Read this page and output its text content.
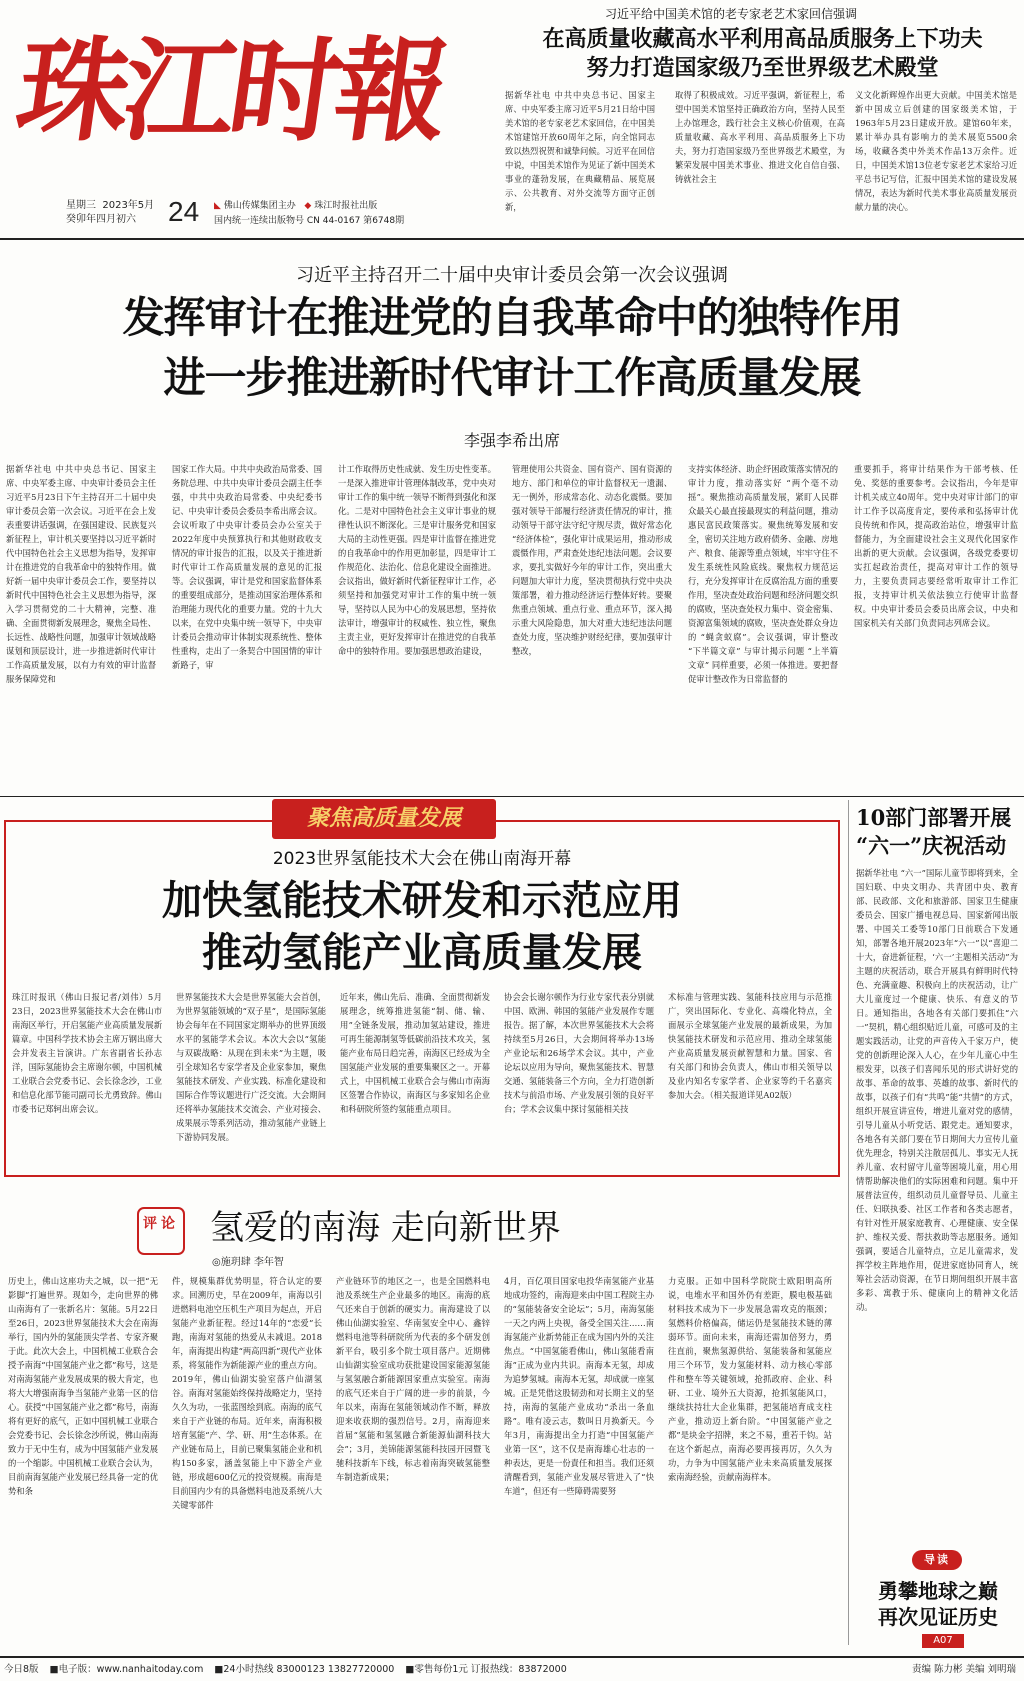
珠江时報
星期三 2023年5月
癸卯年四月初六 24 ◣ 佛山传媒集团主办 ◆ 珠江时报社出版
国内统一连续出版物号 CN 44-0167 第6748期
习近平给中国美术馆的老专家老艺术家回信强调
在高质量收藏高水平利用高品质服务上下功夫
努力打造国家级乃至世界级艺术殿堂
据新华社电 中共中央总书记、国家主席、中央军委主席习近平5月21日给中国美术馆的老专家老艺术家回信，在中国美术馆建馆开放60周年之际，向全馆同志致以热烈祝贺和诚挚问候。习近平在回信中说，中国美术馆作为见证了新中国美术事业的蓬勃发展，在典藏精品、展览展示、公共教育、对外交流等方面守正创新，
取得了积极成效。习近平强调，新征程上，希望中国美术馆坚持正确政治方向，坚持人民至上办馆理念，践行社会主义核心价值观，在高质量收藏、高水平利用、高品质服务上下功夫，努力打造国家级乃至世界级艺术殿堂，为繁荣发展中国美术事业、推进文化自信自强、铸就社会主
义文化新辉煌作出更大贡献。中国美术馆是新中国成立后创建的国家级美术馆，于1963年5月23日建成开放。建馆60年来，累计举办具有影响力的美术展览5500余场，收藏各类中外美术作品13万余件。近日，中国美术馆13位老专家老艺术家给习近平总书记写信，汇报中国美术馆的建设发展情况，表达为新时代美术事业高质量发展贡献力量的决心。
习近平主持召开二十届中央审计委员会第一次会议强调
发挥审计在推进党的自我革命中的独特作用
进一步推进新时代审计工作高质量发展
李强李希出席
据新华社电 中共中央总书记、国家主席、中央军委主席、中央审计委员会主任习近平5月23日下午主持召开二十届中央审计委员会第一次会议。习近平在会上发表重要讲话强调，在强国建设、民族复兴新征程上，审计机关要坚持以习近平新时代中国特色社会主义思想为指导，发挥审计在推进党的自我革命中的独特作用。做好新一届中央审计委员会工作，要坚持以新时代中国特色社会主义思想为指导，深入学习贯彻党的二十大精神，完整、准确、全面贯彻新发展理念，聚焦全局性、长远性、战略性问题，加强审计领域战略谋划和顶层设计，进一步推进新时代审计工作高质量发展，以有力有效的审计监督服务保障党和
国家工作大局。中共中央政治局常委、国务院总理、中共中央审计委员会副主任李强，中共中央政治局常委、中央纪委书记、中央审计委员会委员李希出席会议。会议听取了中央审计委员会办公室关于2022年度中央预算执行和其他财政收支情况的审计报告的汇报，以及关于推进新时代审计工作高质量发展的意见的汇报等。会议强调，审计是党和国家监督体系的重要组成部分，是推动国家治理体系和治理能力现代化的重要力量。党的十九大以来，在党中央集中统一领导下，中央审计委员会推动审计体制实现系统性、整体性重构，走出了一条契合中国国情的审计新路子，审
计工作取得历史性成就、发生历史性变革。一是深入推进审计管理体制改革，党中央对审计工作的集中统一领导不断得到强化和深化。二是对中国特色社会主义审计事业的规律性认识不断深化。三是审计服务党和国家大局的主动性更强。四是审计监督在推进党的自我革命中的作用更加彰显，四是审计工作规范化、法治化、信息化建设全面推进。会议指出，做好新时代新征程审计工作，必须坚持和加强党对审计工作的集中统一领导，坚持以人民为中心的发展思想，坚持依法审计，增强审计的权威性、独立性，聚焦主责主业，更好发挥审计在推进党的自我革命中的独特作用。要加强思想政治建设，
管理使用公共资金、国有资产、国有资源的地方、部门和单位的审计监督权无一遗漏、无一例外，形成常态化、动态化震慑。要加强对领导干部履行经济责任情况的审计，推动领导干部守法守纪守规尽责，做好常态化 “经济体检”，强化审计成果运用，推动形成震慑作用，严肃查处违纪违法问题。会议要求，要扎实做好今年的审计工作，突出重大问题加大审计力度，坚决贯彻执行党中央决策部署，着力推动经济运行整体好转。要聚焦重点领域、重点行业、重点环节，深入揭示重大风险隐患，加大对重大违纪违法问题查处力度，坚决维护财经纪律，要加强审计整改，
支持实体经济、助企纾困政策落实情况的审计力度，推动落实好 “两个毫不动摇”。聚焦推动高质量发展，紧盯人民群众最关心最直接最现实的利益问题，推动惠民富民政策落实。聚焦统筹发展和安全，密切关注地方政府债务、金融、房地产、粮食、能源等重点领域，牢牢守住不发生系统性风险底线。聚焦权力规范运行，充分发挥审计在反腐治乱方面的重要作用，坚决查处政治问题和经济问题交织的腐败，坚决查处权力集中、资金密集、资源富集领域的腐败，坚决查处群众身边的 “蝇贪蚁腐”。会议强调，审计整改 “下半篇文章” 与审计揭示问题 “上半篇文章” 同样重要，必须一体推进。要把督促审计整改作为日常监督的
重要抓手，将审计结果作为干部考核、任免、奖惩的重要参考。会议指出，今年是审计机关成立40周年。党中央对审计部门的审计工作予以高度肯定，要传承和弘扬审计优良传统和作风，提高政治站位，增强审计监督能力，为全面建设社会主义现代化国家作出新的更大贡献。会议强调，各级党委要切实扛起政治责任，提高对审计工作的领导力，主要负责同志要经常听取审计工作汇报，支持审计机关依法独立行使审计监督权。中央审计委员会委员出席会议，中央和国家机关有关部门负责同志列席会议。
聚焦高质量发展
2023世界氢能技术大会在佛山南海开幕
加快氢能技术研发和示范应用
推动氢能产业高质量发展
珠江时报讯（佛山日报记者/刘伟）5月23日，2023世界氢能技术大会在佛山市南海区举行，开启氢能产业高质量发展新篇章。中国科学技术协会主席万钢出席大会并发表主旨演讲。广东省副省长孙志洋，国际氢能协会主席谢尔顿，中国机械工业联合会党委书记、会长徐念沙，工业和信息化部节能司副司长尤勇致辞。佛山市委书记郑轲出席会议。
世界氢能技术大会是世界氢能大会首创，为世界氢能领域的“双子星”，是国际氢能协会每年在不同国家定期举办的世界顶级水平的氢能学术会议。本次大会以“氢能与双碳战略：从现在到未来”为主题，吸引全球知名专家学者及企业家参加，聚焦氢能技术研发、产业实践、标准化建设和国际合作等议题进行广泛交流。大会期间还将举办氢能技术交流会、产业对接会、成果展示等系列活动，推动氢能产业链上下游协同发展。
近年来，佛山先后、准确、全面贯彻新发展理念，统筹推进氢能“制、储、输、用”全链条发展，推动加氢站建设，推进可再生能源制氢等低碳前沿技术攻关，氢能产业布局日趋完善，南海区已经成为全国氢能产业发展的重要集聚区之一。开幕式上，中国机械工业联合会与佛山市南海区签署合作协议，南海区与多家知名企业和科研院所签约氢能重点项目。
协会会长谢尔顿作为行业专家代表分别就中国、欧洲、韩国的氢能产业发展作专题报告。据了解，本次世界氢能技术大会将持续至5月26日，大会期间将举办13场产业论坛和26场学术会议。其中，产业论坛以应用为导向，聚焦氢能技术、智慧交通、氢能装备三个方向，全力打造创新技术与前沿市场、产业发展引领的良好平台；学术会议集中探讨氢能相关技
术标准与管理实践、氢能科技应用与示范推广，突出国际化、专业化、高端化特点，全面展示全球氢能产业发展的最新成果，为加快氢能技术研发和示范应用、推动全球氢能产业高质量发展贡献智慧和力量。国家、省有关部门和协会负责人，佛山市相关领导以及业内知名专家学者、企业家等约千名嘉宾参加大会。（相关报道详见A02版）
评论 氢爱的南海 走向新世界
◎施玥肆 李年智
历史上，佛山这座功夫之城，以一把“无影脚”打遍世界。现如今，走向世界的佛山南海有了一张新名片：氢能。5月22日至26日，2023世界氢能技术大会在南海举行，国内外的氢能顶尖学者、专家齐聚于此。此次大会上，中国机械工业联合会授予南海“中国氢能产业之都”称号，这是对南海氢能产业发展成果的极大肯定，也将大大增强南海争当氢能产业第一区的信心。获授“中国氢能产业之都”称号，南海将有更好的底气，正如中国机械工业联合会党委书记、会长徐念沙所说，佛山南海致力于无中生有，成为中国氢能产业发展的一个缩影。中国机械工业联合会认为，目前南海氢能产业发展已经具备一定的优势和条
件，规模集群优势明显，符合认定的要求。回溯历史，早在2009年，南海以引进燃料电池空压机生产项目为起点，开启氢能产业新征程。经过14年的“恋爱”长跑，南海对氢能的热爱从未减退。2018年，南海提出构建“两高四新”现代产业体系，将氢能作为新能源产业的重点方向。2019年，佛山仙湖实验室落户仙湖氢谷。南海对氢能始终保持战略定力，坚持久久为功，一张蓝图绘到底。南海的底气来自于产业链的布局。近年来，南海积极培育氢能“产、学、研、用”生态体系。在产业链布局上，目前已聚集氢能企业和机构150多家，涵盖氢能上中下游全产业链，形成超600亿元的投资规模。南海是目前国内少有的具备燃料电池及系统八大关键零部件
产业链环节的地区之一，也是全国燃料电池及系统生产企业最多的地区。南海的底气还来自于创新的硬实力。南海建设了以佛山仙湖实验室、华南氢安全中心、鑫锌燃料电池等科研院所为代表的多个研发创新平台，吸引多个院士项目落户。近期佛山仙湖实验室成功获批建设国家能源氢能与氢氢融合新能源国家重点实验室。南海的底气还来自于广阔的进一步的前景，今年以来，南海在氢能领域动作不断，释放迎来收获期的强烈信号。2月，南海迎来首届“氢能和氢氢融合新能源仙湖科技大会”；3月，美锦能源氢能科技园开园暨飞驰科技新车下线，标志着南海突破氢能整车制造新成果；
4月，百亿项目国家电投华南氢能产业基地成功签约，南海迎来由中国工程院主办的“氢能装备安全论坛”；5月，南海氢能一天之内两上央视，备受全国关注……南海氢能产业新势能正在成为国内外的关注焦点。“中国氢能看佛山，佛山氢能看南海”正成为业内共识。南海本无氢，却成为追梦氢城。南海本无氢，却成就一座氢城。正是凭借这股韧劲和对长期主义的坚持，南海的氢能产业成功“杀出一条血路”。唯有凌云志，数叫日月换新天。今年3月，南海提出全力打造“中国氢能产业第一区”，这不仅是南海雄心壮志的一种表达，更是一份責任和担当。我们还须清醒看到，氢能产业发展尽管进入了“快车道”，但还有一些障碍需要努
力克服。正如中国科学院院士欧阳明高所说，电堆水平和国外仍有差距，膜电极基础材料技术成为下一步发展急需攻克的瓶颈；氢燃料价格偏高，储运仍是氢能技术链的薄弱环节。面向未来，南海还需加倍努力，勇往直前，聚焦氢源供给、氢能装备和氢能应用三个环节，发力氢能材料、动力核心零部件和整车等关键领域，抢抓政府、企业、科研、工业、境外五大资源，抢抓氢能风口，继续扶持壮大企业集群，把氢能培育成支柱产业，推动迈上新台阶。“中国氢能产业之都”是块金字招牌，来之不易，重若千钧。站在这个新起点，南海必要再接再厉，久久为功，力争为中国氢能产业未来高质量发展探索南海经验，贡献南海样本。
10部门部署开展
“六一”庆祝活动
据新华社电 “六一”国际儿童节即将到来，全国妇联、中央文明办、共青团中央、教育部、民政部、文化和旅游部、国家卫生健康委员会、国家广播电视总局、国家新闻出版署、中国关工委等10部门日前联合下发通知，部署各地开展2023年“六一”以“喜迎二十大，奋进新征程，‘六一’主题相关活动”为主题的庆祝活动，联合开展具有鲜明时代特色、充满童趣、积极向上的庆祝活动，让广大儿童度过一个健康、快乐、有意义的节日。通知指出，各地各有关部门要抓住“六一”契机，精心组织贴近儿童，可感可及的主题实践活动，让党的声音传入千家万户，使党的创新理论深入人心，在少年儿童心中生根发芽，以孩子们喜闻乐见的形式讲好党的故事、革命的故事、英雄的故事、新时代的故事，以孩子们有“共鸣”能“共情”的方式，组织开展宣讲宣传，增进儿童对党的感情，引导儿童从小听党话、跟党走。通知要求，各地各有关部门要在节日期间大力宣传儿童优先理念，特别关注散居孤儿、事实无人抚养儿童、农村留守儿童等困境儿童，用心用情帮助解决他们的实际困难和问题。集中开展普法宣传，组织动员儿童督导员、儿童主任、妇联执委、社区工作者和各类志愿者，有针对性开展家庭教育、心理健康、安全保护、维权关爱、帮扶救助等志愿服务。通知强调，要适合儿童特点，立足儿童需求，发挥学校主阵地作用，促进家庭协同育人，统筹社会活动资源，在节日期间组织开展丰富多彩、寓教于乐、健康向上的精神文化活动。
导读
勇攀地球之巅
再次见证历史
A07
今日8版 ■电子版：www.nanhaitoday.com ■24小时热线 83000123 13827720000 ■零售每份1元 订报热线：83872000	责编 陈力彬 美编 刘明瑞
